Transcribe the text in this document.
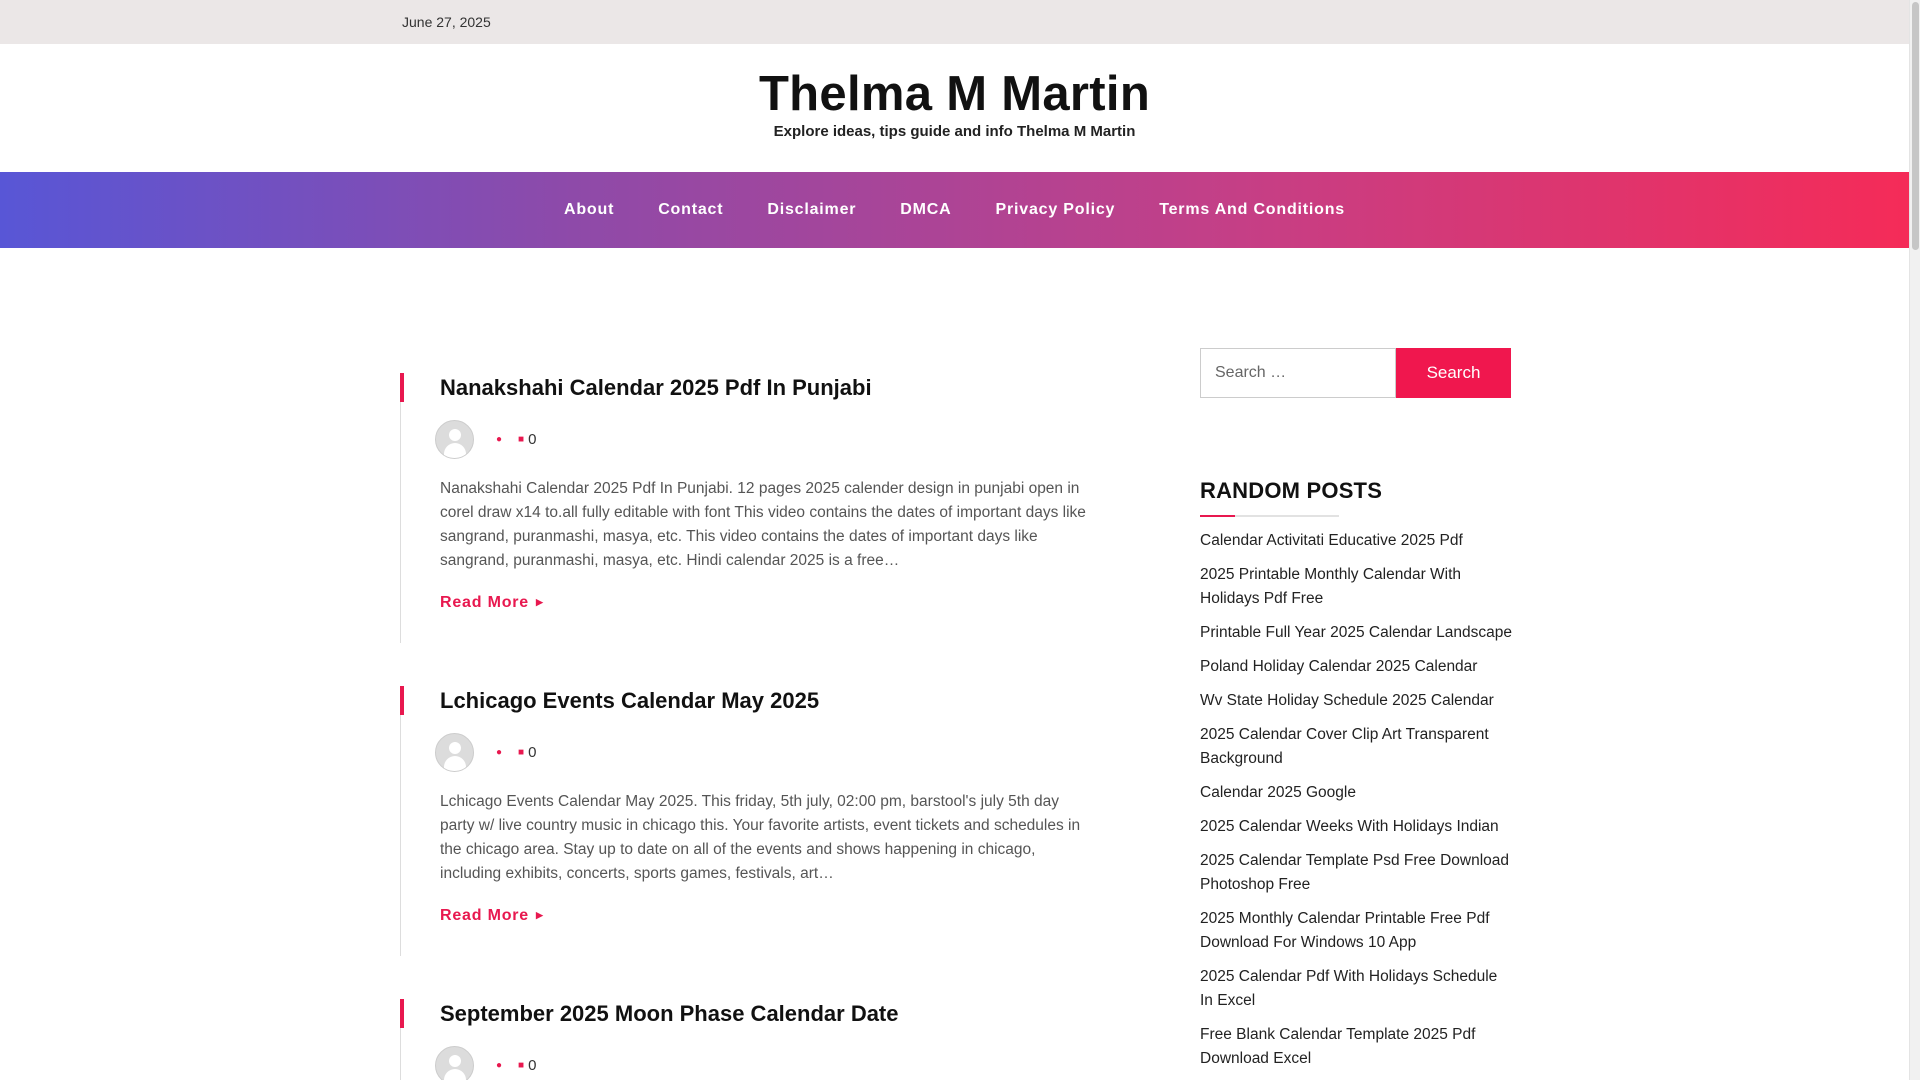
June 27, 2025
Thelma M Martin
Explore ideas, tips guide and info Thelma M Martin
About	Contact	Disclaimer	DMCA	Privacy Policy	Terms And Conditions
Nanakshahi Calendar 2025 Pdf In Punjabi
● ■ 0

Nanakshahi Calendar 2025 Pdf In Punjabi. 12 pages 2025 calender design in punjabi open in corel draw x14 to.all fully editable with font This video contains the dates of important days like sangrand, puranmashi, masya, etc. This video contains the dates of important days like sangrand, puranmashi, masya, etc. Hindi calendar 2025 is a free…

Read More ▶
Lchicago Events Calendar May 2025
● ■ 0

Lchicago Events Calendar May 2025. This friday, 5th july, 02:00 pm, barstool's july 5th day party w/ live country music in chicago this. Your favorite artists, event tickets and schedules in the chicago area. Stay up to date on all of the events and shows happening in chicago, including exhibits, concerts, sports games, festivals, art…

Read More ▶
September 2025 Moon Phase Calendar Date
● ■ 0
Search …
Search
RANDOM POSTS
Calendar Activitati Educative 2025 Pdf
2025 Printable Monthly Calendar With Holidays Pdf Free
Printable Full Year 2025 Calendar Landscape
Poland Holiday Calendar 2025 Calendar
Wv State Holiday Schedule 2025 Calendar
2025 Calendar Cover Clip Art Transparent Background
Calendar 2025 Google
2025 Calendar Weeks With Holidays Indian
2025 Calendar Template Psd Free Download Photoshop Free
2025 Monthly Calendar Printable Free Pdf Download For Windows 10 App
2025 Calendar Pdf With Holidays Schedule In Excel
Free Blank Calendar Template 2025 Pdf Download Excel
